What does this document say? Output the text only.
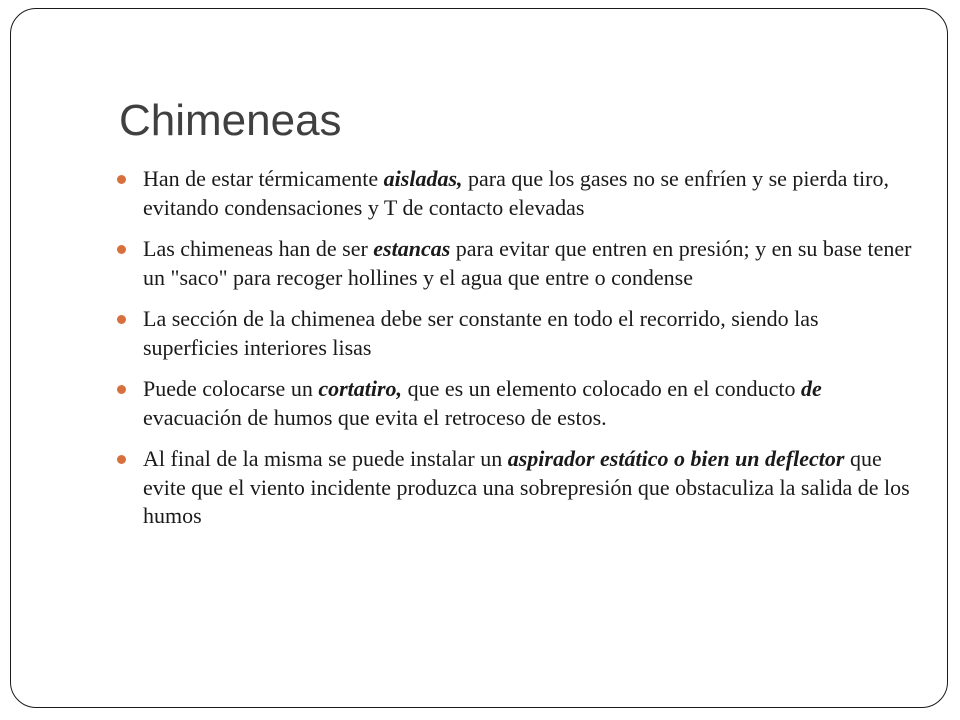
Chimeneas
Han de estar térmicamente aisladas, para que los gases no se enfríen y se pierda tiro, evitando condensaciones y T de contacto elevadas
Las chimeneas han de ser estancas para evitar que entren en presión; y en su base tener un "saco" para recoger hollines y el agua que entre o condense
La sección de la chimenea debe ser constante en todo el recorrido, siendo las superficies interiores lisas
Puede colocarse un cortatiro, que es un elemento colocado en el conducto de evacuación de humos que evita el retroceso de estos.
Al final de la misma se puede instalar un aspirador estático o bien un deflector que evite que el viento incidente produzca una sobrepresión que obstaculiza la salida de los humos
